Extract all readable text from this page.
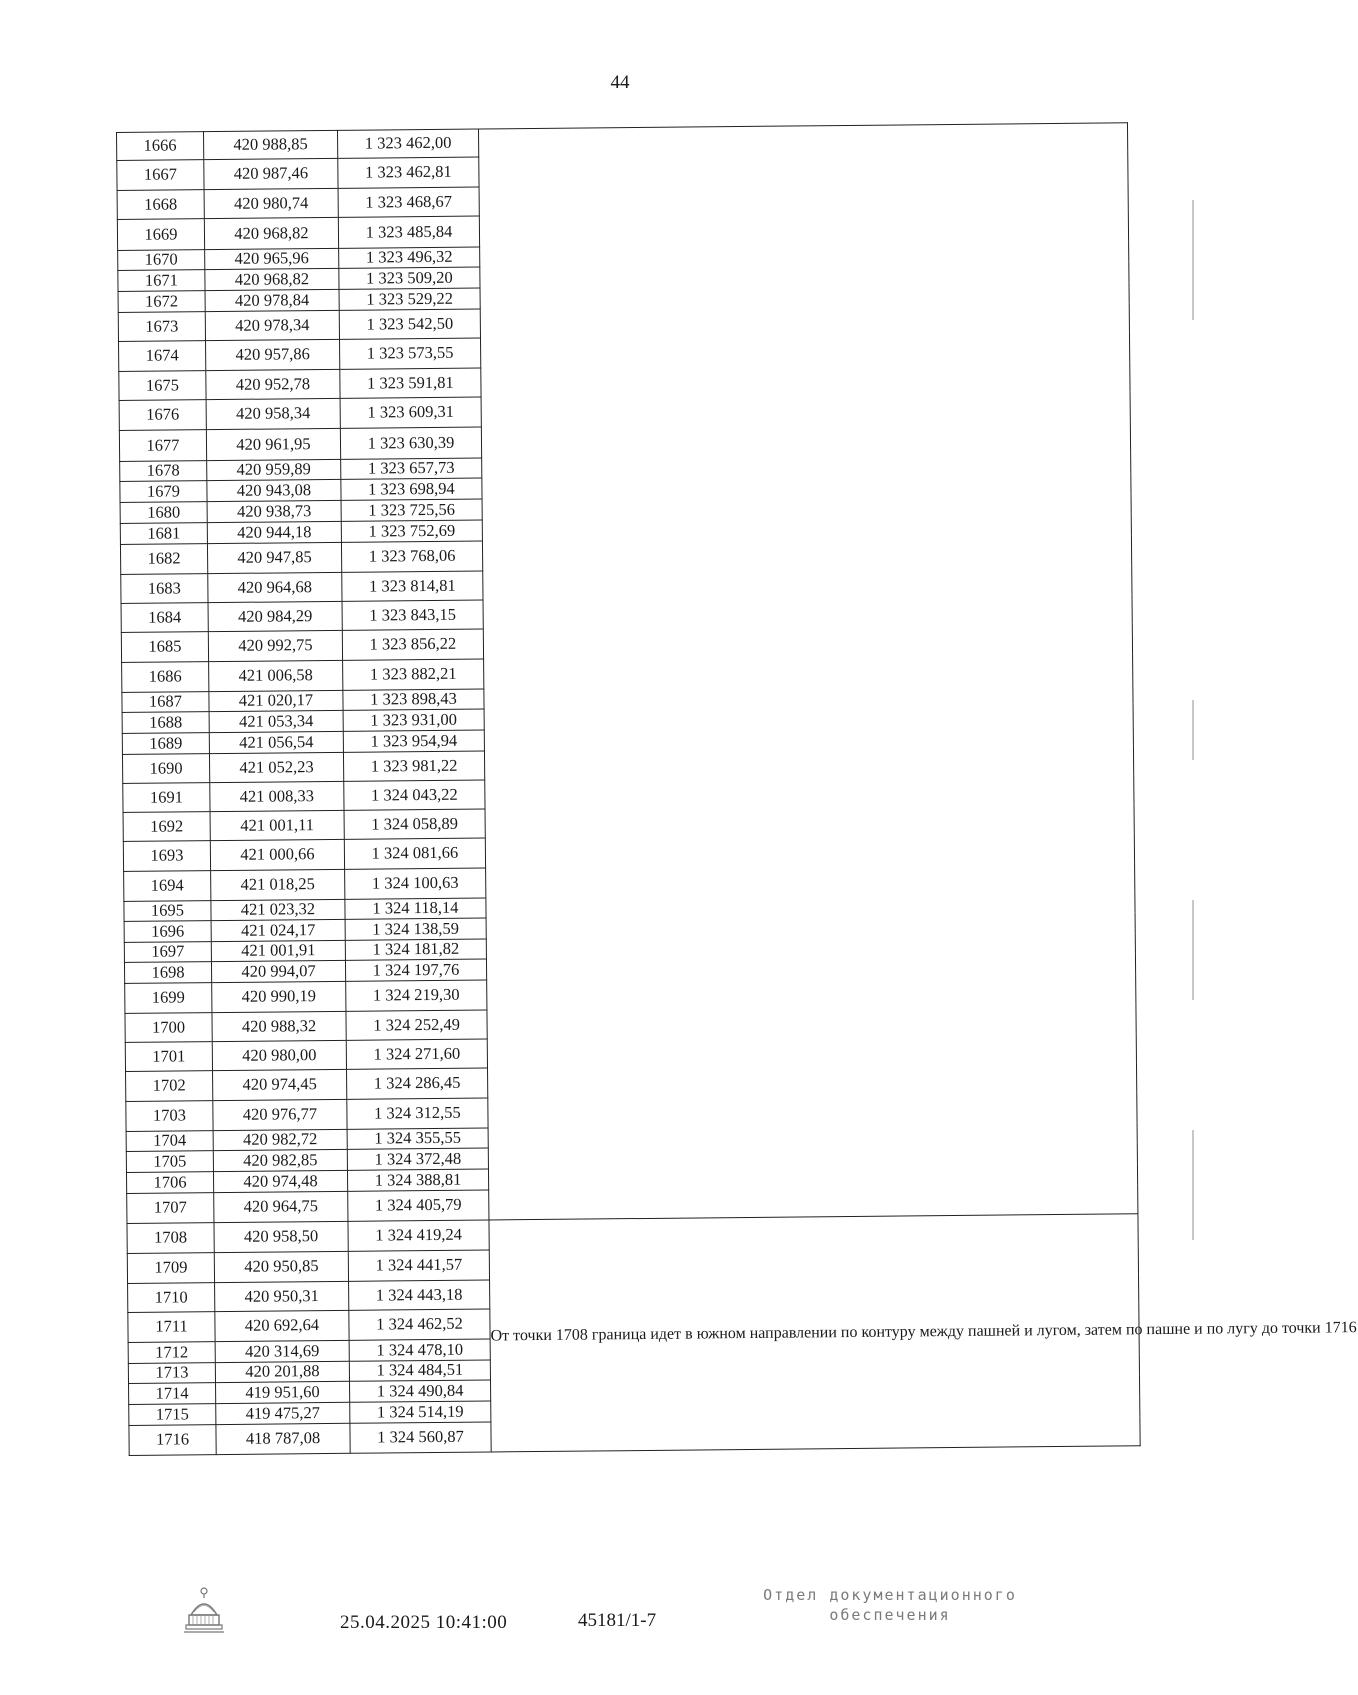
44
1666	420 988,85	1 323 462,00	
1667	420 987,46	1 323 462,81	
1668	420 980,74	1 323 468,67	
1669	420 968,82	1 323 485,84	
1670	420 965,96	1 323 496,32	
1671	420 968,82	1 323 509,20	
1672	420 978,84	1 323 529,22	
1673	420 978,34	1 323 542,50	
1674	420 957,86	1 323 573,55	
1675	420 952,78	1 323 591,81	
1676	420 958,34	1 323 609,31	
1677	420 961,95	1 323 630,39	
1678	420 959,89	1 323 657,73	
1679	420 943,08	1 323 698,94	
1680	420 938,73	1 323 725,56	
1681	420 944,18	1 323 752,69	
1682	420 947,85	1 323 768,06	
1683	420 964,68	1 323 814,81	
1684	420 984,29	1 323 843,15	
1685	420 992,75	1 323 856,22	
1686	421 006,58	1 323 882,21	
1687	421 020,17	1 323 898,43	
1688	421 053,34	1 323 931,00	
1689	421 056,54	1 323 954,94	
1690	421 052,23	1 323 981,22	
1691	421 008,33	1 324 043,22	
1692	421 001,11	1 324 058,89	
1693	421 000,66	1 324 081,66	
1694	421 018,25	1 324 100,63	
1695	421 023,32	1 324 118,14	
1696	421 024,17	1 324 138,59	
1697	421 001,91	1 324 181,82	
1698	420 994,07	1 324 197,76	
1699	420 990,19	1 324 219,30	
1700	420 988,32	1 324 252,49	
1701	420 980,00	1 324 271,60	
1702	420 974,45	1 324 286,45	
1703	420 976,77	1 324 312,55	
1704	420 982,72	1 324 355,55	
1705	420 982,85	1 324 372,48	
1706	420 974,48	1 324 388,81	
1707	420 964,75	1 324 405,79	
1708	420 958,50	1 324 419,24	От точки 1708 граница идет в южном направлении по контуру между пашней и лугом, затем по пашне и по лугу до точки 1716
1709	420 950,85	1 324 441,57	
1710	420 950,31	1 324 443,18	
1711	420 692,64	1 324 462,52	
1712	420 314,69	1 324 478,10	
1713	420 201,88	1 324 484,51	
1714	419 951,60	1 324 490,84	
1715	419 475,27	1 324 514,19	
1716	418 787,08	1 324 560,87	
25.04.2025 10:41:00	45181/1-7
Отдел документационного
обеспечения
